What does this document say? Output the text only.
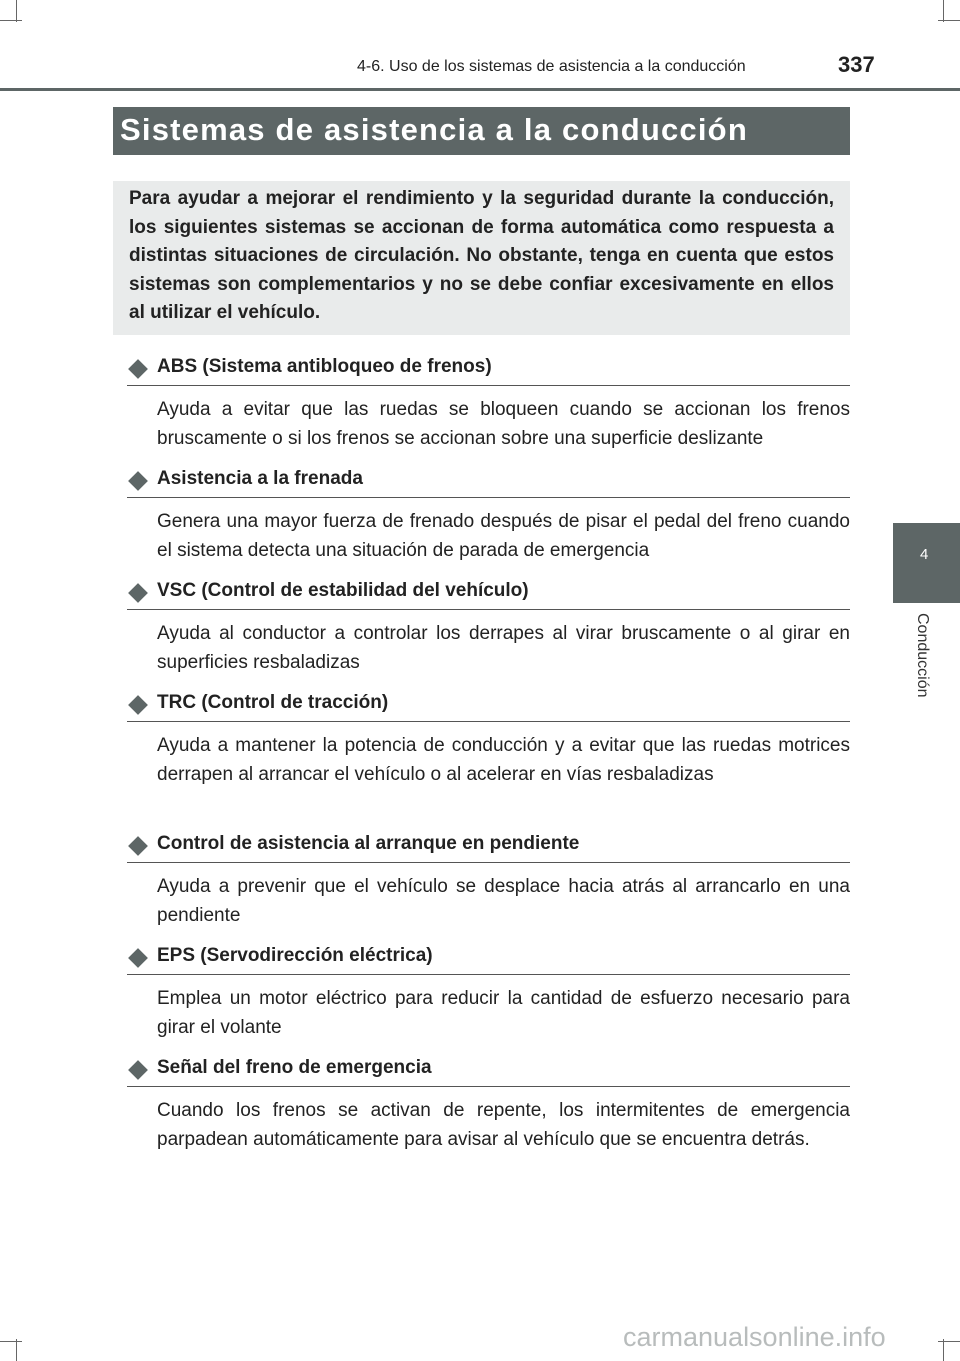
4-6. Uso de los sistemas de asistencia a la conducción	337
Sistemas de asistencia a la conducción

Para ayudar a mejorar el rendimiento y la seguridad durante la conducción, los siguientes sistemas se accionan de forma automática como respuesta a distintas situaciones de circulación. No obstante, tenga en cuenta que estos sistemas son complementarios y no se debe confiar excesivamente en ellos al utilizar el vehículo.

4
Conducción
ABS (Sistema antibloqueo de frenos)

Ayuda a evitar que las ruedas se bloqueen cuando se accionan los frenos bruscamente o si los frenos se accionan sobre una superficie deslizante

Asistencia a la frenada

Genera una mayor fuerza de frenado después de pisar el pedal del freno cuando el sistema detecta una situación de parada de emergencia

VSC (Control de estabilidad del vehículo)

Ayuda al conductor a controlar los derrapes al virar bruscamente o al girar en superficies resbaladizas

TRC (Control de tracción)

Ayuda a mantener la potencia de conducción y a evitar que las ruedas motrices derrapen al arrancar el vehículo o al acelerar en vías resbaladizas

Control de asistencia al arranque en pendiente

Ayuda a prevenir que el vehículo se desplace hacia atrás al arrancarlo en una pendiente

EPS (Servodirección eléctrica)

Emplea un motor eléctrico para reducir la cantidad de esfuerzo necesario para girar el volante

Señal del freno de emergencia

Cuando los frenos se activan de repente, los intermitentes de emergencia parpadean automáticamente para avisar al vehículo que se encuentra detrás.

carmanualsonline.info
